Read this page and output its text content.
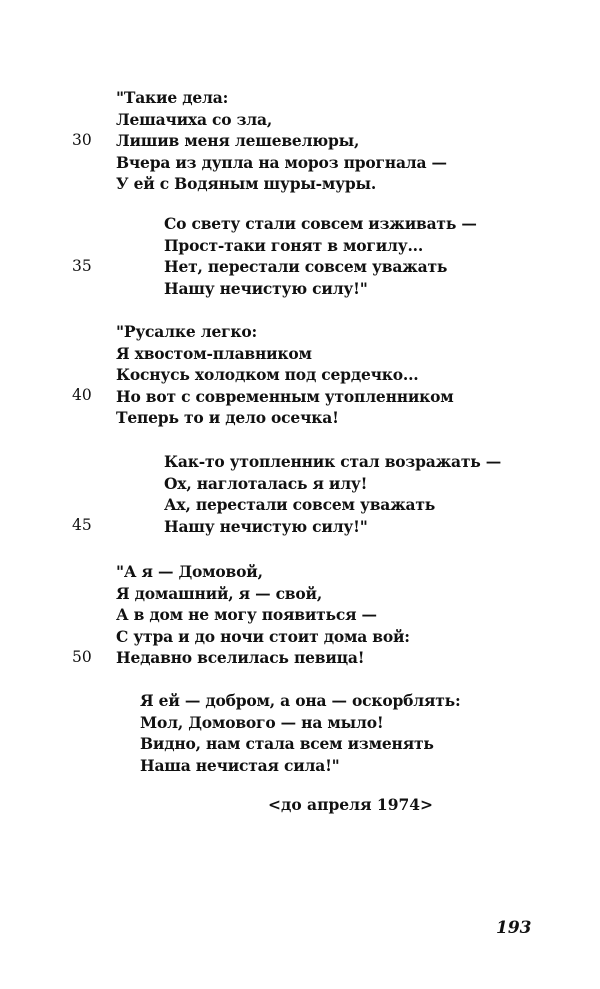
"Такие дела:
Лешачиха со зла,
Лишив меня лешевелюры,
Вчера из дупла на мороз прогнала —
У ей с Водяным шуры-муры.
30
Со свету стали совсем изживать —
Прост-таки гонят в могилу...
Нет, перестали совсем уважать
Нашу нечистую силу!"
35
"Русалке легко:
Я хвостом-плавником
Коснусь холодком под сердечко...
Но вот с современным утопленником
Теперь то и дело осечка!
40
Как-то утопленник стал возражать —
Ох, наглоталась я илу!
Ах, перестали совсем уважать
Нашу нечистую силу!"
45
"А я — Домовой,
Я домашний, я — свой,
А в дом не могу появиться —
С утра и до ночи стоит дома вой:
Недавно вселилась певица!
50
Я ей — добром, а она — оскорблять:
Мол, Домового — на мыло!
Видно, нам стала всем изменять
Наша нечистая сила!"
<до апреля 1974>
193
